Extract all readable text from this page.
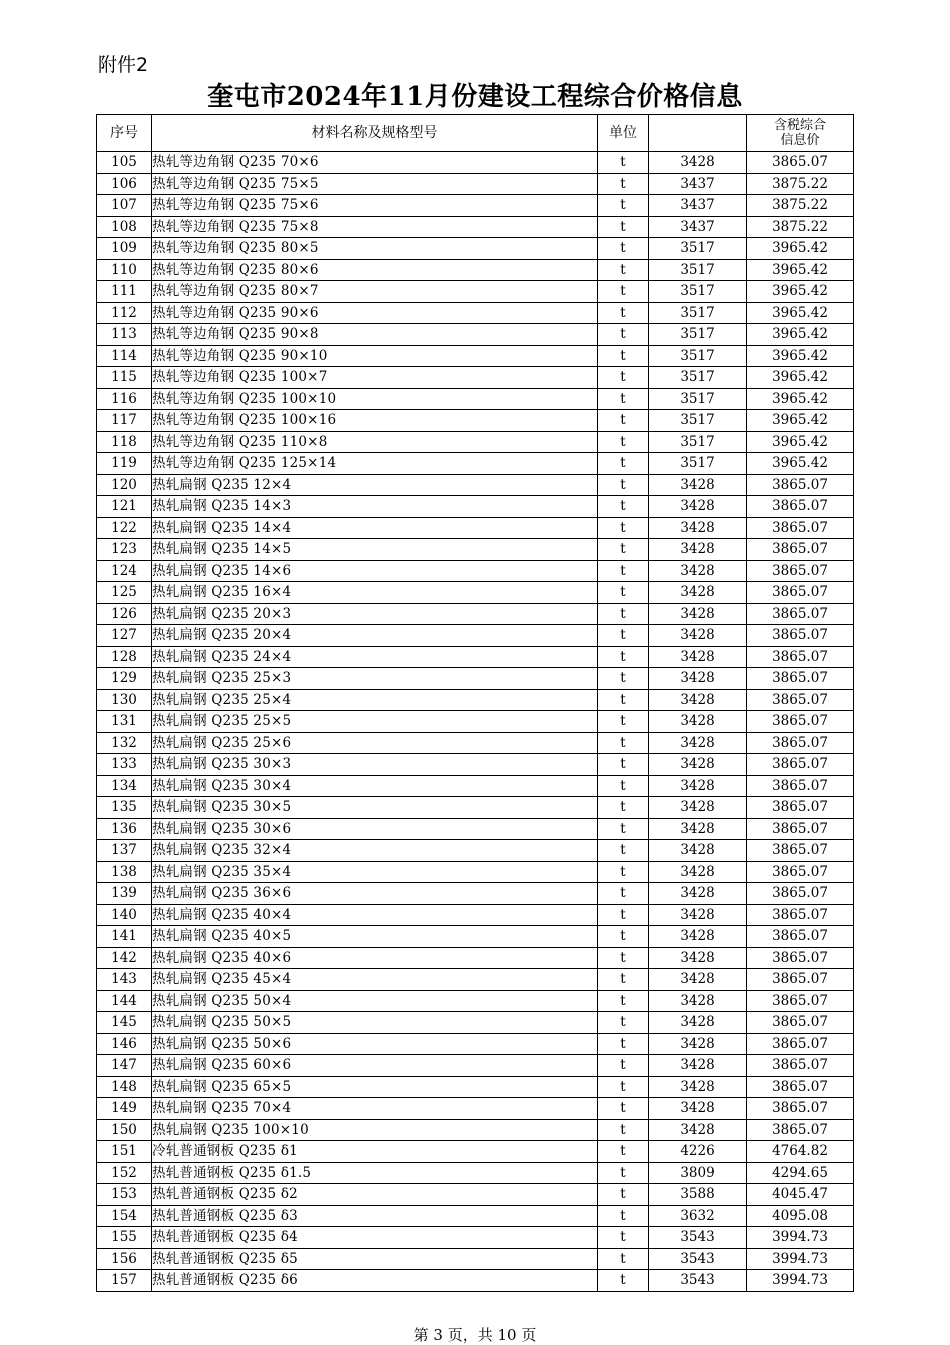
附件2
奎屯市2024年11月份建设工程综合价格信息
序号	材料名称及规格型号	单位		含税综合
信息价

105	热轧等边角钢 Q235 70×6	t	3428	3865.07
106	热轧等边角钢 Q235 75×5	t	3437	3875.22
107	热轧等边角钢 Q235 75×6	t	3437	3875.22
108	热轧等边角钢 Q235 75×8	t	3437	3875.22
109	热轧等边角钢 Q235 80×5	t	3517	3965.42
110	热轧等边角钢 Q235 80×6	t	3517	3965.42
111	热轧等边角钢 Q235 80×7	t	3517	3965.42
112	热轧等边角钢 Q235 90×6	t	3517	3965.42
113	热轧等边角钢 Q235 90×8	t	3517	3965.42
114	热轧等边角钢 Q235 90×10	t	3517	3965.42
115	热轧等边角钢 Q235 100×7	t	3517	3965.42
116	热轧等边角钢 Q235 100×10	t	3517	3965.42
117	热轧等边角钢 Q235 100×16	t	3517	3965.42
118	热轧等边角钢 Q235 110×8	t	3517	3965.42
119	热轧等边角钢 Q235 125×14	t	3517	3965.42
120	热轧扁钢 Q235 12×4	t	3428	3865.07
121	热轧扁钢 Q235 14×3	t	3428	3865.07
122	热轧扁钢 Q235 14×4	t	3428	3865.07
123	热轧扁钢 Q235 14×5	t	3428	3865.07
124	热轧扁钢 Q235 14×6	t	3428	3865.07
125	热轧扁钢 Q235 16×4	t	3428	3865.07
126	热轧扁钢 Q235 20×3	t	3428	3865.07
127	热轧扁钢 Q235 20×4	t	3428	3865.07
128	热轧扁钢 Q235 24×4	t	3428	3865.07
129	热轧扁钢 Q235 25×3	t	3428	3865.07
130	热轧扁钢 Q235 25×4	t	3428	3865.07
131	热轧扁钢 Q235 25×5	t	3428	3865.07
132	热轧扁钢 Q235 25×6	t	3428	3865.07
133	热轧扁钢 Q235 30×3	t	3428	3865.07
134	热轧扁钢 Q235 30×4	t	3428	3865.07
135	热轧扁钢 Q235 30×5	t	3428	3865.07
136	热轧扁钢 Q235 30×6	t	3428	3865.07
137	热轧扁钢 Q235 32×4	t	3428	3865.07
138	热轧扁钢 Q235 35×4	t	3428	3865.07
139	热轧扁钢 Q235 36×6	t	3428	3865.07
140	热轧扁钢 Q235 40×4	t	3428	3865.07
141	热轧扁钢 Q235 40×5	t	3428	3865.07
142	热轧扁钢 Q235 40×6	t	3428	3865.07
143	热轧扁钢 Q235 45×4	t	3428	3865.07
144	热轧扁钢 Q235 50×4	t	3428	3865.07
145	热轧扁钢 Q235 50×5	t	3428	3865.07
146	热轧扁钢 Q235 50×6	t	3428	3865.07
147	热轧扁钢 Q235 60×6	t	3428	3865.07
148	热轧扁钢 Q235 65×5	t	3428	3865.07
149	热轧扁钢 Q235 70×4	t	3428	3865.07
150	热轧扁钢 Q235 100×10	t	3428	3865.07
151	冷轧普通钢板 Q235 δ1	t	4226	4764.82
152	热轧普通钢板 Q235 δ1.5	t	3809	4294.65
153	热轧普通钢板 Q235 δ2	t	3588	4045.47
154	热轧普通钢板 Q235 δ3	t	3632	4095.08
155	热轧普通钢板 Q235 δ4	t	3543	3994.73
156	热轧普通钢板 Q235 δ5	t	3543	3994.73
157	热轧普通钢板 Q235 δ6	t	3543	3994.73
第 3 页，共 10 页
